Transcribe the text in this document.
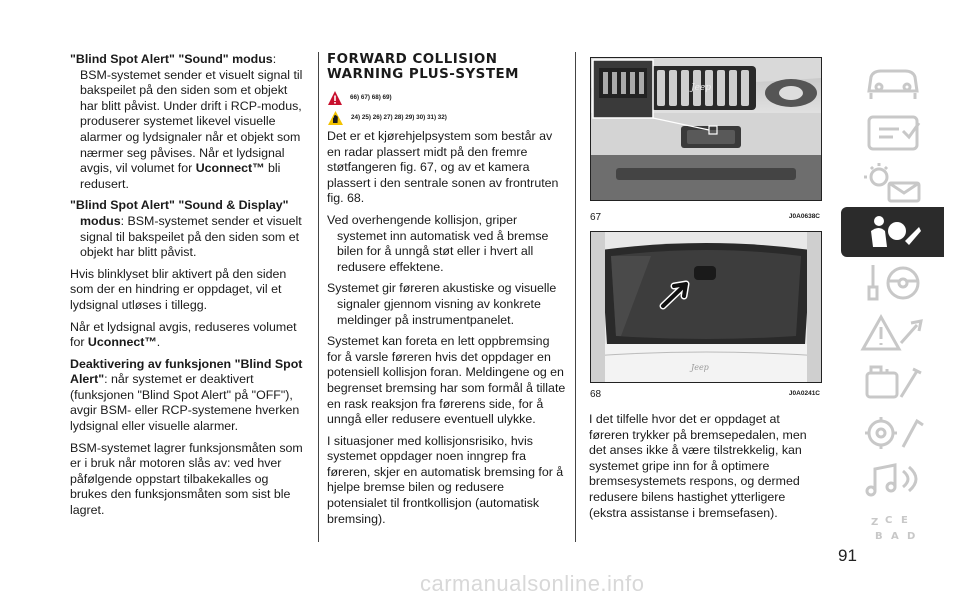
"Blind Spot Alert" "Sound" modus: BSM-systemet sender et visuelt signal til bakspeilet på den siden som et objekt har blitt påvist. Under drift i RCP-modus, produserer systemet likevel visuelle alarmer og lydsignaler når et objekt som nærmer seg påvises. Når et lydsignal avgis, vil volumet for Uconnect™ bli redusert.

"Blind Spot Alert" "Sound & Display" modus: BSM-systemet sender et visuelt signal til bakspeilet på den siden som et objekt har blitt påvist.

Hvis blinklyset blir aktivert på den siden som der en hindring er oppdaget, vil et lydsignal utløses i tillegg.

Når et lydsignal avgis, reduseres volumet for Uconnect™.

Deaktivering av funksjonen "Blind Spot Alert": når systemet er deaktivert (funksjonen "Blind Spot Alert" på "OFF"), avgir BSM- eller RCP-systemene hverken lydsignal eller visuelle alarmer.

BSM-systemet lagrer funksjonsmåten som er i bruk når motoren slås av: ved hver påfølgende oppstart tilbakekalles og brukes den funksjonsmåten som sist ble lagret.

FORWARD COLLISION
WARNING PLUS-SYSTEM
66) 67) 68) 69)
24) 25) 26) 27) 28) 29) 30) 31) 32)

Det er et kjørehjelpsystem som består av en radar plassert midt på den fremre støtfangeren fig. 67, og av et kamera plassert i den sentrale sonen av frontruten fig. 68.

Ved overhengende kollisjon, griper systemet inn automatisk ved å bremse bilen for å unngå støt eller i hvert all redusere effektene.

Systemet gir føreren akustiske og visuelle signaler gjennom visning av konkrete meldinger på instrumentpanelet.

Systemet kan foreta en lett oppbremsing for å varsle føreren hvis det oppdager en potensiell kollisjon foran. Meldingene og en begrenset bremsing har som formål å tillate en rask reaksjon fra førerens side, for å unngå eller redusere eventuell ulykke.

I situasjoner med kollisjonsrisiko, hvis systemet oppdager noen inngrep fra føreren, skjer en automatisk bremsing for å hjelpe bremse bilen og redusere potensialet til frontkollisjon (automatisk bremsing).

Jeep
67	J0A0638C
Jeep
68	J0A0241C

I det tilfelle hvor det er oppdaget at føreren trykker på bremsepedalen, men det anses ikke å være tilstrekkelig, kan systemet gripe inn for å optimere bremsesystemets respons, og dermed redusere bilens hastighet ytterligere (ekstra assistanse i bremsefasen).

Z C E
B A D
91
carmanualsonline.info
